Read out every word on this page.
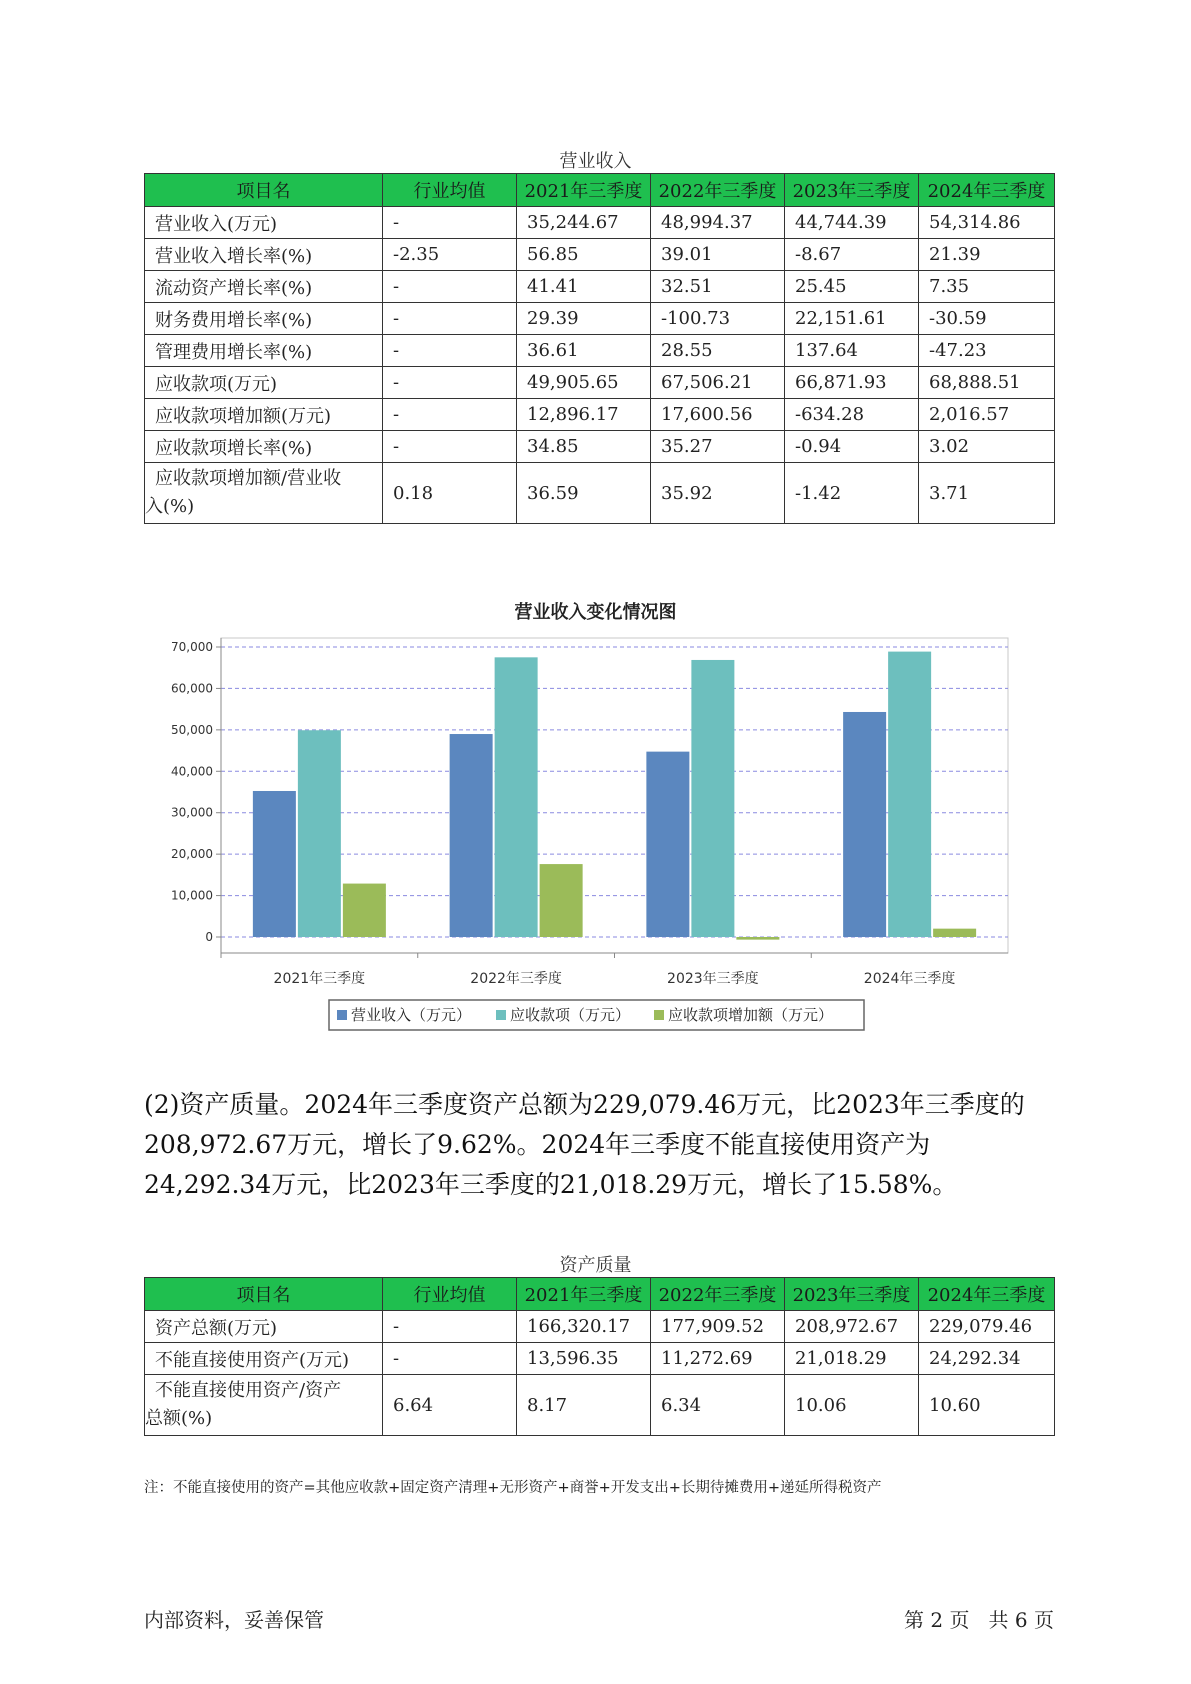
营业收入
项目名	行业均值	2021年三季度	2022年三季度	2023年三季度	2024年三季度
营业收入(万元)	-	35,244.67	48,994.37	44,744.39	54,314.86
营业收入增长率(%)	-2.35	56.85	39.01	-8.67	21.39
流动资产增长率(%)	-	41.41	32.51	25.45	7.35
财务费用增长率(%)	-	29.39	-100.73	22,151.61	-30.59
管理费用增长率(%)	-	36.61	28.55	137.64	-47.23
应收款项(万元)	-	49,905.65	67,506.21	66,871.93	68,888.51
应收款项增加额(万元)	-	12,896.17	17,600.56	-634.28	2,016.57
应收款项增长率(%)	-	34.85	35.27	-0.94	3.02

应收款项增加额/营业收
入(%)	0.18	36.59	35.92	-1.42	3.71
营业收入变化情况图
0
10,000
20,000
30,000
40,000
50,000
60,000
70,000
2021年三季度	2022年三季度	2023年三季度	2024年三季度
营业收入（万元）	应收款项（万元）	应收款项增加额（万元）
(2)资产质量。2024年三季度资产总额为229,079.46万元，比2023年三季度的208,972.67万元，增长了9.62%。2024年三季度不能直接使用资产为24,292.34万元，比2023年三季度的21,018.29万元，增长了15.58%。
资产质量
项目名	行业均值	2021年三季度	2022年三季度	2023年三季度	2024年三季度
资产总额(万元)	-	166,320.17	177,909.52	208,972.67	229,079.46
不能直接使用资产(万元)	-	13,596.35	11,272.69	21,018.29	24,292.34

不能直接使用资产/资产
总额(%)	6.64	8.17	6.34	10.06	10.60
注：不能直接使用的资产=其他应收款+固定资产清理+无形资产+商誉+开发支出+长期待摊费用+递延所得税资产
内部资料，妥善保管	第 2 页   共 6 页
